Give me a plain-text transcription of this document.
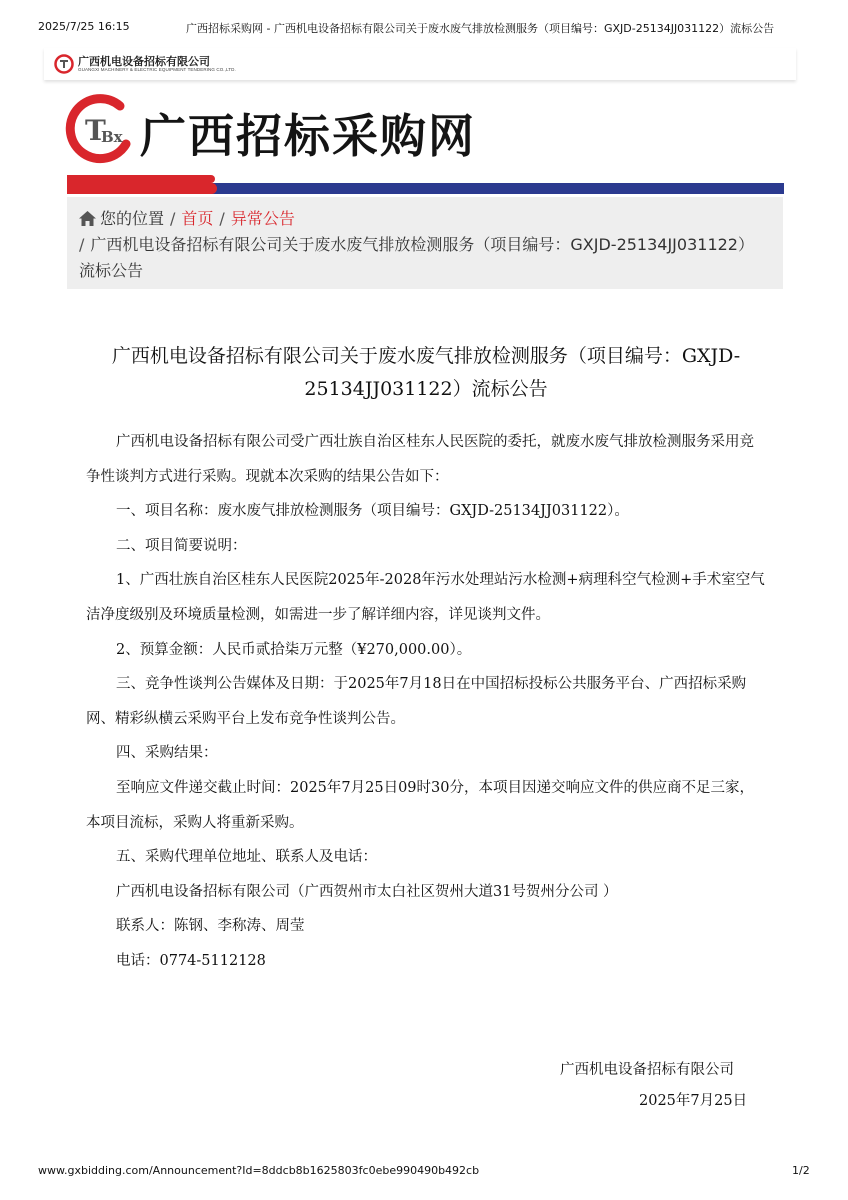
2025/7/25 16:15	广西招标采购网 - 广西机电设备招标有限公司关于废水废气排放检测服务（项目编号：GXJD-25134JJ031122）流标公告
广西机电设备招标有限公司
GUANGXI MACHINERY & ELECTRIC EQUIPMENT TENDERING CO.,LTD.
T
Bx 广西招标采购网
您的位置 / 首页 / 异常公告
/ 广西机电设备招标有限公司关于废水废气排放检测服务（项目编号：GXJD-25134JJ031122）流标公告
广西机电设备招标有限公司关于废水废气排放检测服务（项目编号：GXJD-25134JJ031122）流标公告

广西机电设备招标有限公司受广西壮族自治区桂东人民医院的委托，就废水废气排放检测服务采用竞争性谈判方式进行采购。现就本次采购的结果公告如下：

一、项目名称：废水废气排放检测服务（项目编号：GXJD-25134JJ031122）。

二、项目简要说明：

1、广西壮族自治区桂东人民医院2025年-2028年污水处理站污水检测+病理科空气检测+手术室空气洁净度级别及环境质量检测，如需进一步了解详细内容，详见谈判文件。

2、预算金额：人民币贰拾柒万元整（¥270,000.00）。

三、竞争性谈判公告媒体及日期：于2025年7月18日在中国招标投标公共服务平台、广西招标采购网、精彩纵横云采购平台上发布竞争性谈判公告。

四、采购结果：

至响应文件递交截止时间：2025年7月25日09时30分，本项目因递交响应文件的供应商不足三家，本项目流标，采购人将重新采购。

五、采购代理单位地址、联系人及电话：

广西机电设备招标有限公司（广西贺州市太白社区贺州大道31号贺州分公司 ）

联系人：陈钢、李称涛、周莹

电话：0774-5112128

广西机电设备招标有限公司
2025年7月25日
www.gxbidding.com/Announcement?Id=8ddcb8b1625803fc0ebe990490b492cb	1/2
